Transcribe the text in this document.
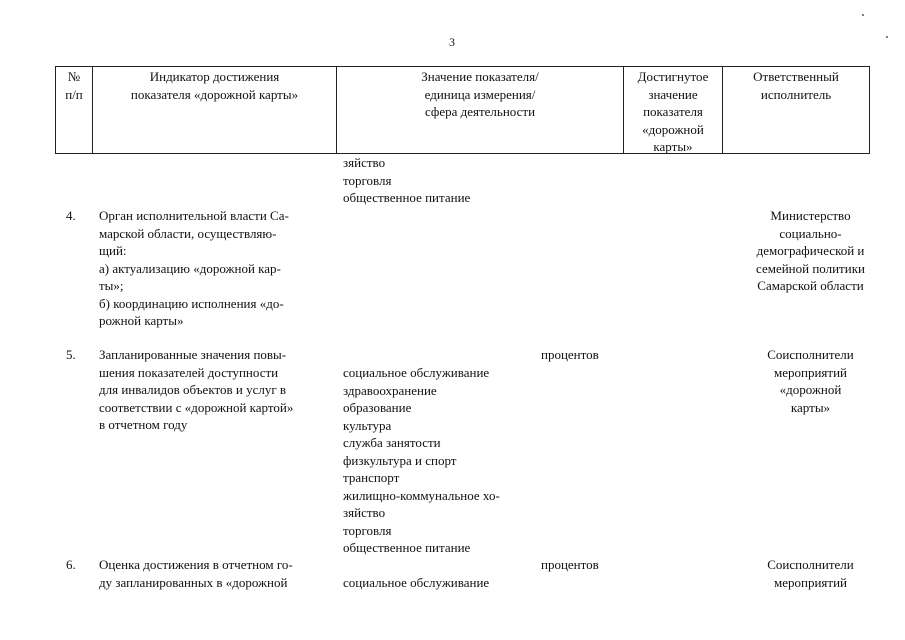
3
№
п/п
Индикатор достижения
показателя «дорожной карты»
Значение показателя/
единица измерения/
сфера деятельности
Достигнутое
значение
показателя
«дорожной
карты»
Ответственный
исполнитель
зяйство
торговля
общественное питание
4. Орган исполнительной власти Са-
марской области, осуществляю-
щий:
а) актуализацию «дорожной кар-
ты»;
б) координацию исполнения «до-
рожной карты»
Министерство
социально-
демографической и
семейной политики
Самарской области
5. Запланированные значения повы-
шения показателей доступности
для инвалидов объектов и услуг в
соответствии с «дорожной картой»
в отчетном году
процентов
социальное обслуживание
здравоохранение
образование
культура
служба занятости
физкультура и спорт
транспорт
жилищно-коммунальное хо-
зяйство
торговля
общественное питание
Соисполнители
мероприятий
«дорожной
карты»
6. Оценка достижения в отчетном го-
ду запланированных в «дорожной
процентов
социальное обслуживание
Соисполнители
мероприятий
